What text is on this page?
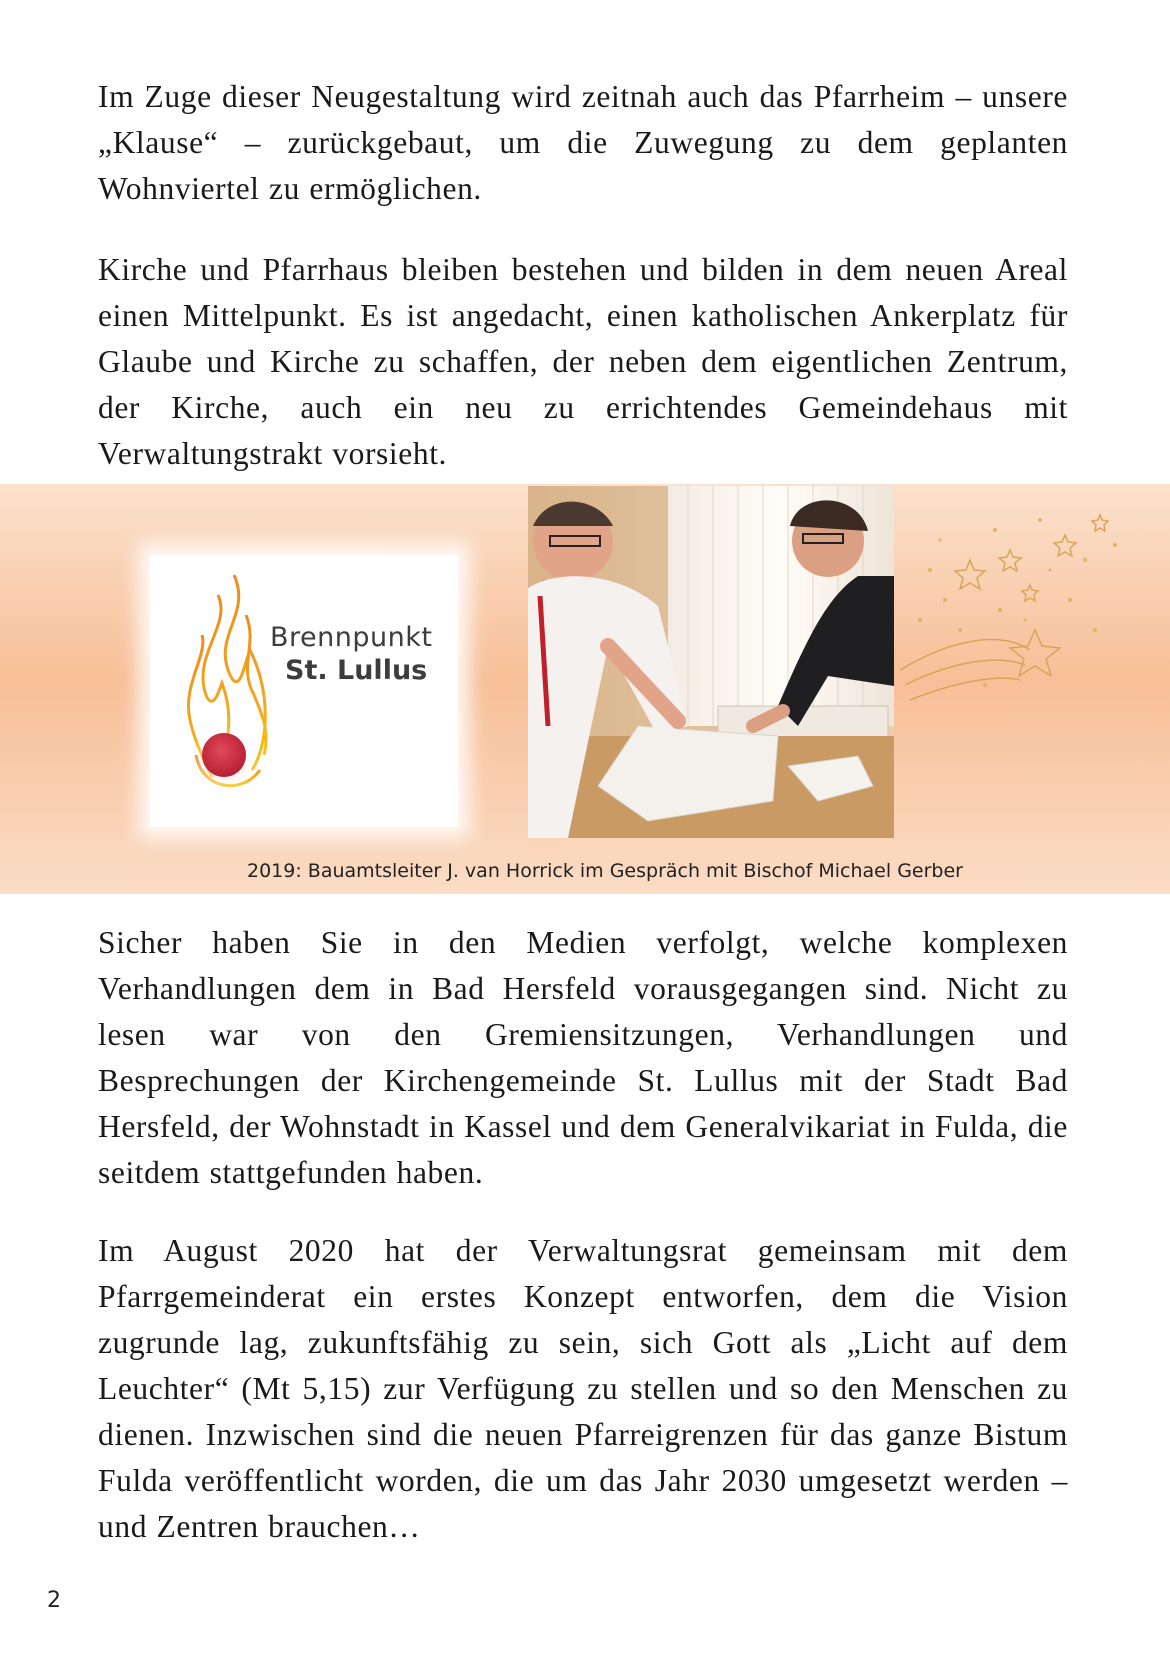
Im Zuge dieser Neugestaltung wird zeitnah auch das Pfarrheim – unsere „Klause“ – zurückgebaut, um die Zuwegung zu dem geplanten Wohnviertel zu ermöglichen.

Kirche und Pfarrhaus bleiben bestehen und bilden in dem neuen Areal einen Mittelpunkt. Es ist angedacht, einen katholischen Ankerplatz für Glaube und Kirche zu schaffen, der neben dem eigentlichen Zentrum, der Kirche, auch ein neu zu errichtendes Gemeindehaus mit Verwaltungstrakt vorsieht.

Brennpunkt
St. Lullus
2019: Bauamtsleiter J. van Horrick im Gespräch mit Bischof Michael Gerber

Sicher haben Sie in den Medien verfolgt, welche komplexen Verhandlungen dem in Bad Hersfeld vorausgegangen sind. Nicht zu lesen war von den Gremiensitzungen, Verhandlungen und Besprechungen der Kirchengemeinde St. Lullus mit der Stadt Bad Hersfeld, der Wohnstadt in Kassel und dem Generalvikariat in Fulda, die seitdem stattgefunden haben.

Im August 2020 hat der Verwaltungsrat gemeinsam mit dem Pfarrgemeinderat ein erstes Konzept entworfen, dem die Vision zugrunde lag, zukunftsfähig zu sein, sich Gott als „Licht auf dem Leuchter“ (Mt 5,15) zur Verfügung zu stellen und so den Menschen zu dienen. Inzwischen sind die neuen Pfarreigrenzen für das ganze Bistum Fulda veröffentlicht worden, die um das Jahr 2030 umgesetzt werden – und Zentren brauchen…

2
